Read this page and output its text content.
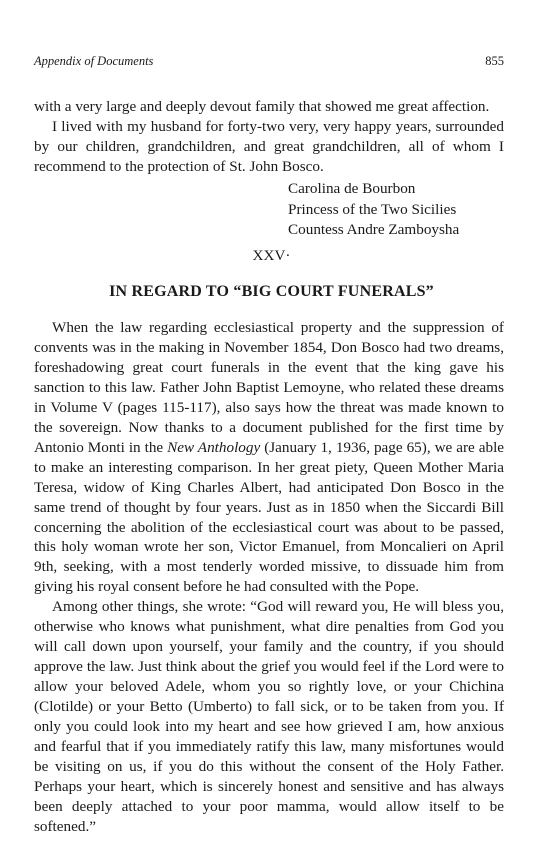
Appendix of Documents	855

with a very large and deeply devout family that showed me great affection.

I lived with my husband for forty-two very, very happy years, surrounded by our children, grandchildren, and great grandchildren, all of whom I recommend to the protection of St. John Bosco.

Carolina de Bourbon
Princess of the Two Sicilies
Countess Andre Zamboysha
XXV·
IN REGARD TO “BIG COURT FUNERALS”

When the law regarding ecclesiastical property and the suppression of convents was in the making in November 1854, Don Bosco had two dreams, foreshadowing great court funerals in the event that the king gave his sanction to this law. Father John Baptist Lemoyne, who related these dreams in Volume V (pages 115-117), also says how the threat was made known to the sovereign. Now thanks to a document published for the first time by Antonio Monti in the New Anthology (January 1, 1936, page 65), we are able to make an interesting comparison. In her great piety, Queen Mother Maria Teresa, widow of King Charles Albert, had anticipated Don Bosco in the same trend of thought by four years. Just as in 1850 when the Siccardi Bill concerning the abolition of the ecclesiastical court was about to be passed, this holy woman wrote her son, Victor Emanuel, from Moncalieri on April 9th, seeking, with a most tenderly worded missive, to dissuade him from giving his royal consent before he had consulted with the Pope.

Among other things, she wrote: “God will reward you, He will bless you, otherwise who knows what punishment, what dire penalties from God you will call down upon yourself, your family and the country, if you should approve the law. Just think about the grief you would feel if the Lord were to allow your beloved Adele, whom you so rightly love, or your Chichina (Clotilde) or your Betto (Umberto) to fall sick, or to be taken from you. If only you could look into my heart and see how grieved I am, how anxious and fearful that if you immediately ratify this law, many misfortunes would be visiting on us, if you do this without the consent of the Holy Father. Perhaps your heart, which is sincerely honest and sensitive and has always been deeply attached to your poor mamma, would allow itself to be softened.”
